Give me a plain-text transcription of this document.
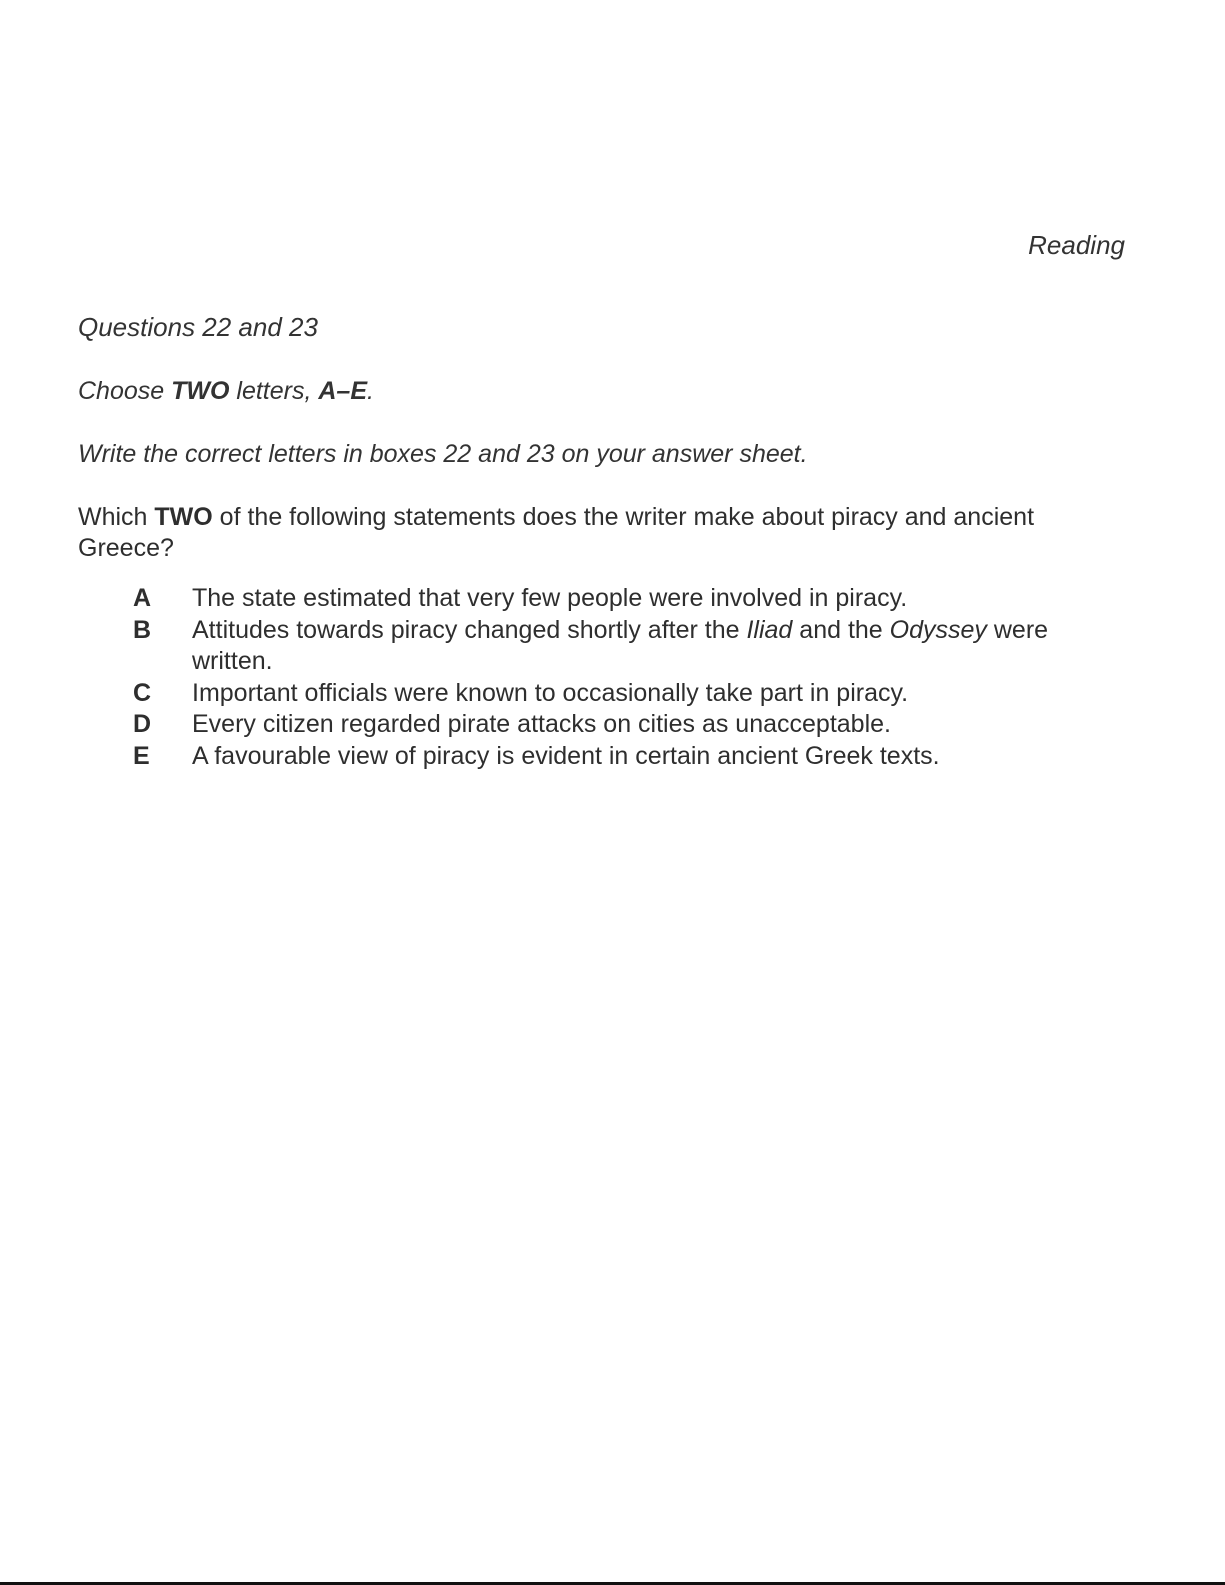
Reading
Questions 22 and 23
Choose TWO letters, A–E.
Write the correct letters in boxes 22 and 23 on your answer sheet.
Which TWO of the following statements does the writer make about piracy and ancient Greece?
A	The state estimated that very few people were involved in piracy.
B	Attitudes towards piracy changed shortly after the Iliad and the Odyssey were written.
C	Important officials were known to occasionally take part in piracy.
D	Every citizen regarded pirate attacks on cities as unacceptable.
E	A favourable view of piracy is evident in certain ancient Greek texts.
